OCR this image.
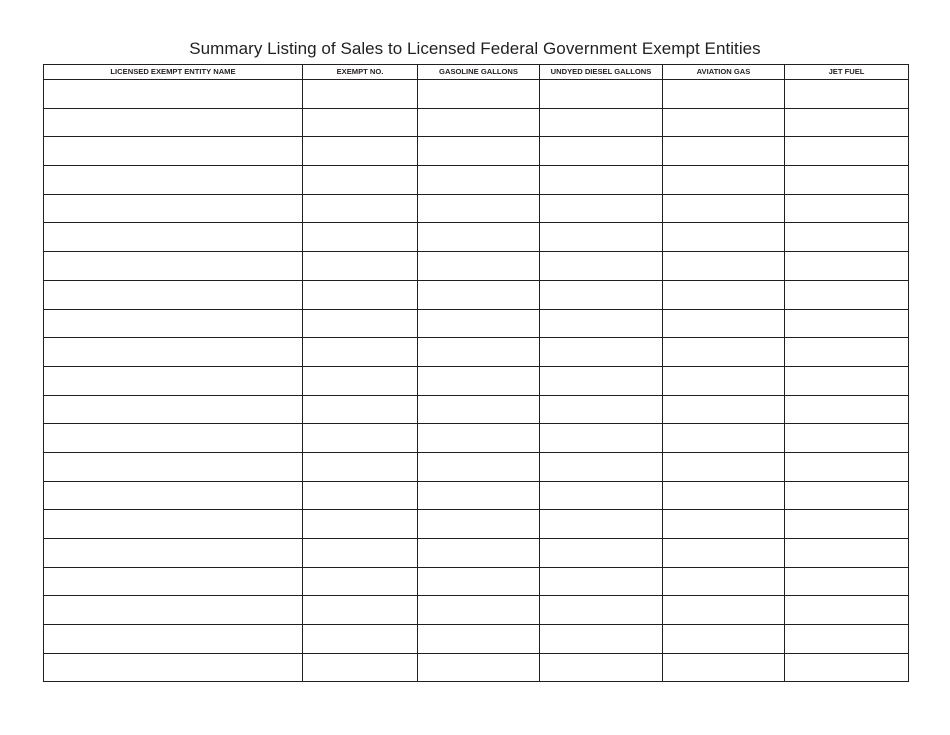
Summary Listing of Sales to Licensed Federal Government Exempt Entities
LICENSED EXEMPT ENTITY NAME	EXEMPT NO.	GASOLINE GALLONS	UNDYED DIESEL GALLONS	AVIATION GAS	JET FUEL
